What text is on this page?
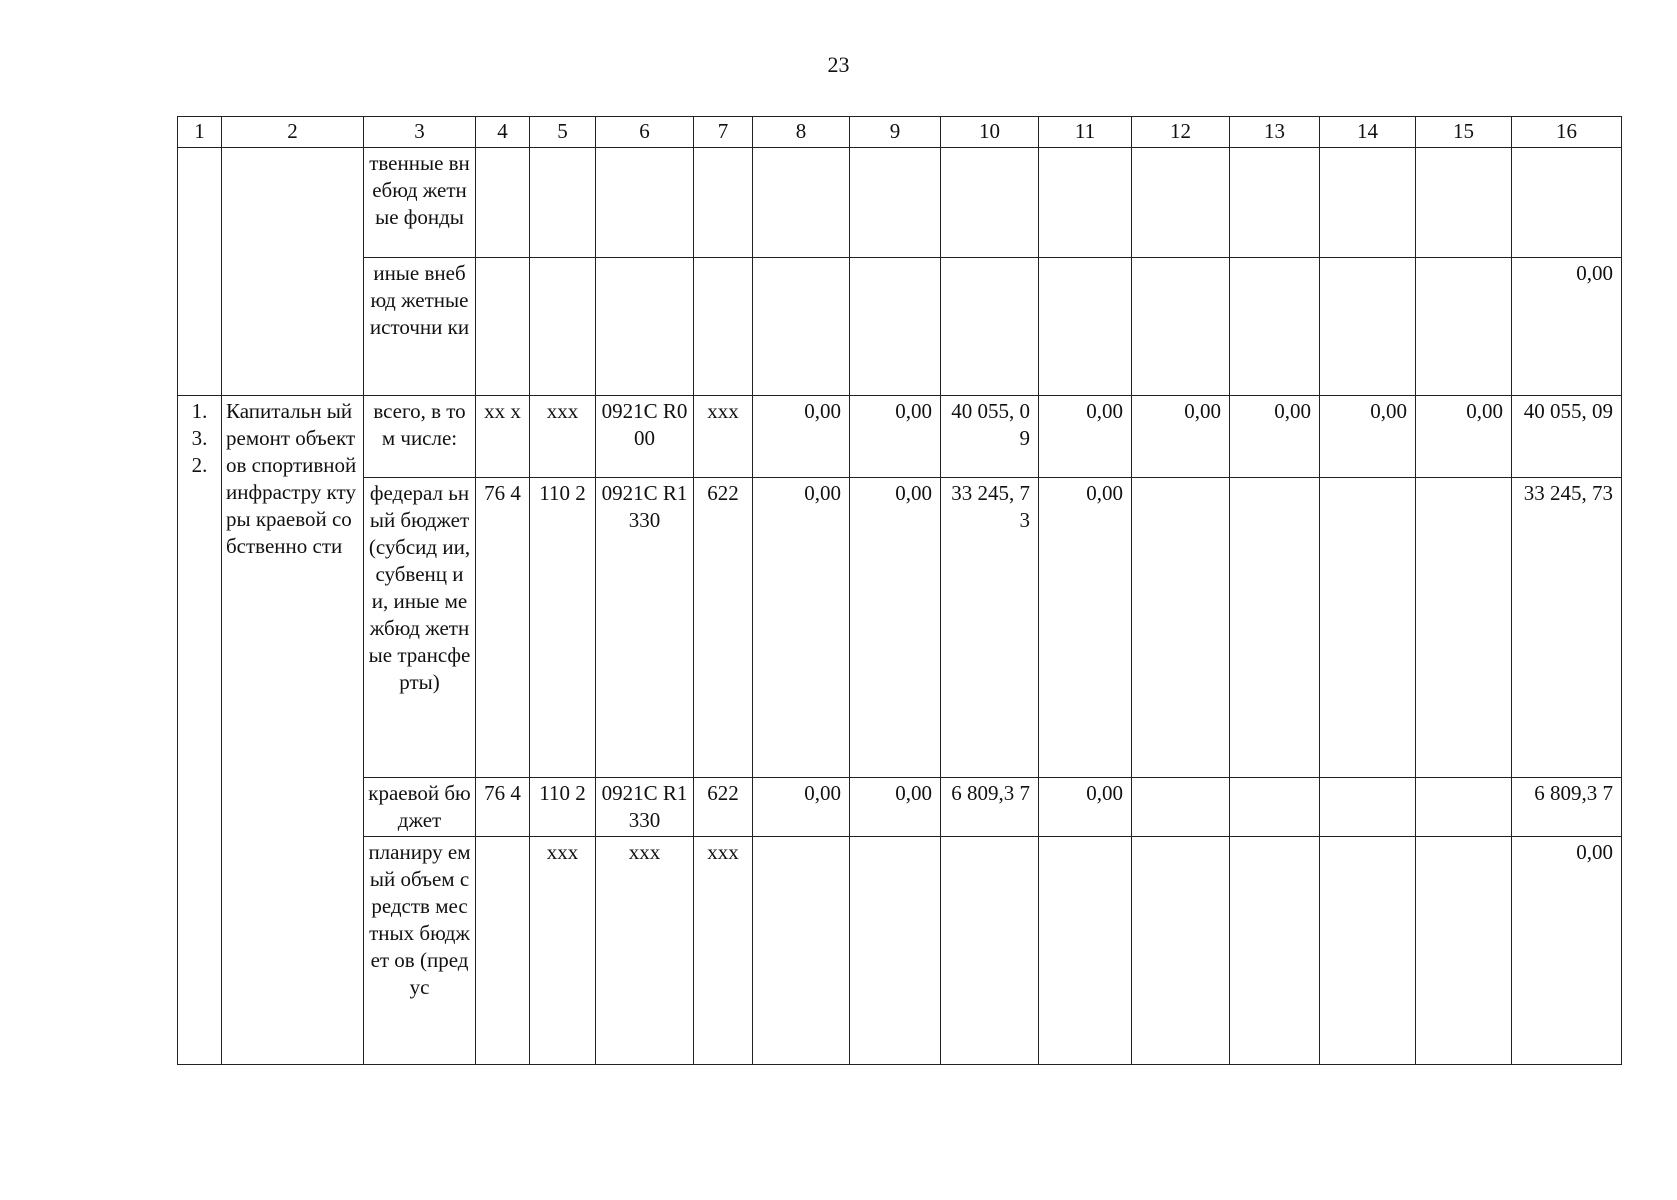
23
1	2	3	4	5	6	7	8	9	10	11	12	13	14	15	16
		твенные внебюд жетные фонды													
		иные внебюд жетные источни ки													0,00
1. 3. 2.	Капитальн ый ремонт объектов спортивной инфрастру ктуры краевой собственно сти	всего, в том числе:	хх х	ххх	0921С R000	ххх	0,00	0,00	40 055, 09	0,00	0,00	0,00	0,00	0,00	40 055, 09
		федерал ьный бюджет (субсид ии, субвенц ии, иные межбюд жетные трансфе рты)	76 4	110 2	0921С R1330	622	0,00	0,00	33 245, 73	0,00					33 245, 73
		краевой бюджет	76 4	110 2	0921С R1330	622	0,00	0,00	6 809,3 7	0,00					6 809,3 7
		планиру емый объем средств местных бюджет ов (предус		ххх	ххх	ххх									0,00
